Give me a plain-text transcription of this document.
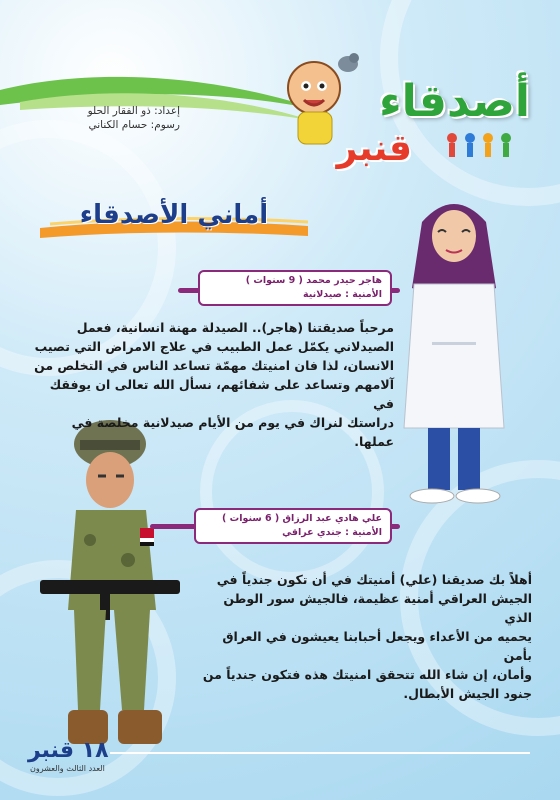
إعداد: ذو الفقار الحلو
رسوم: حسام الكناني	أصدقاء
قنبر
أماني الأصدقاء
هاجر حيدر محمد ( 9 سنوات )
الأمنية : صيدلانية
مرحباً صديقتنا (هاجر).. الصيدلة مهنة انسانية، فعمل
الصيدلاني يكمّل عمل الطبيب في علاج الامراض التي تصيب
الانسان، لذا فان امنيتك مهمّة تساعد الناس في التخلص من
آلامهم وتساعد على شفائهم، نسأل الله تعالى ان يوفقك في
دراستك لنراك في يوم من الأيام صيدلانية مخلصة في عملها.
علي هادي عبد الرزاق ( 6 سنوات )
الأمنية : جندي عراقي
أهلاً بك صديقنا (علي) أمنيتك في أن تكون جندياً في
الجيش العراقي أمنية عظيمة، فالجيش سور الوطن الذي
يحميه من الأعداء ويجعل أحبابنا يعيشون في العراق بأمن
وأمان، إن شاء الله تتحقق امنيتك هذه فتكون جندياً من
جنود الجيش الأبطال.
١٨ قنبر
العدد الثالث والعشرون
